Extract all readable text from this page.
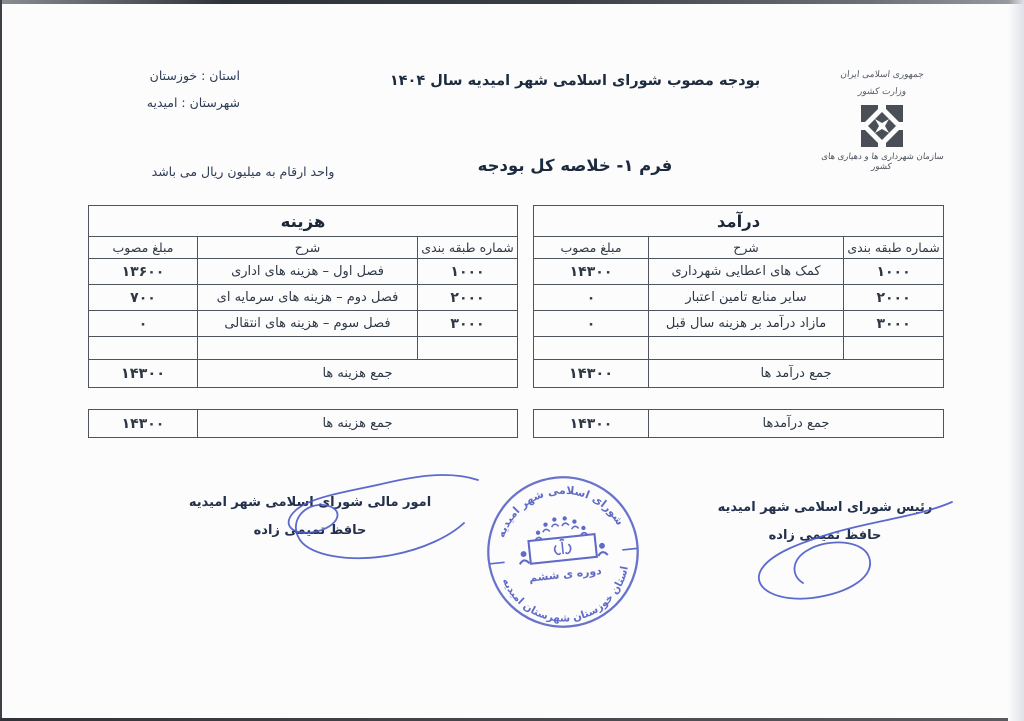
استان : خوزستان
شهرستان : امیدیه
بودجه مصوب شورای اسلامی شهر امیدیه سال ۱۴۰۴	جمهوری اسلامی ایران
وزارت کشور
سازمان شهرداری ها و دهیاری های کشور
فرم ۱- خلاصه کل بودجه
واحد ارقام به میلیون ریال می باشد
هزینه		
شماره طبقه بندی	شرح	مبلغ مصوب
۱۰۰۰	فصل اول – هزینه های اداری	۱۳۶۰۰
۲۰۰۰	فصل دوم – هزینه های سرمایه ای	۷۰۰
۳۰۰۰	فصل سوم – هزینه های انتقالی	۰

جمع هزینه ها		۱۴۳۰۰
درآمد		
شماره طبقه بندی	شرح	مبلغ مصوب
۱۰۰۰	کمک های اعطایی شهرداری	۱۴۳۰۰
۲۰۰۰	سایر منابع تامین اعتبار	۰
۳۰۰۰	مازاد درآمد بر هزینه سال قبل	۰

جمع درآمد ها		۱۴۳۰۰
جمع هزینه ها	۱۴۳۰۰	جمع درآمدها	۱۴۳۰۰
امور مالی شورای اسلامی شهر امیدیه
حافظ تمیمی زاده
رئیس شورای اسلامی شهر امیدیه
حافظ تمیمی زاده
شورای اسلامی شهر امیدیه
استان خوزستان شهرستان امیدیه
دوره ی ششم
